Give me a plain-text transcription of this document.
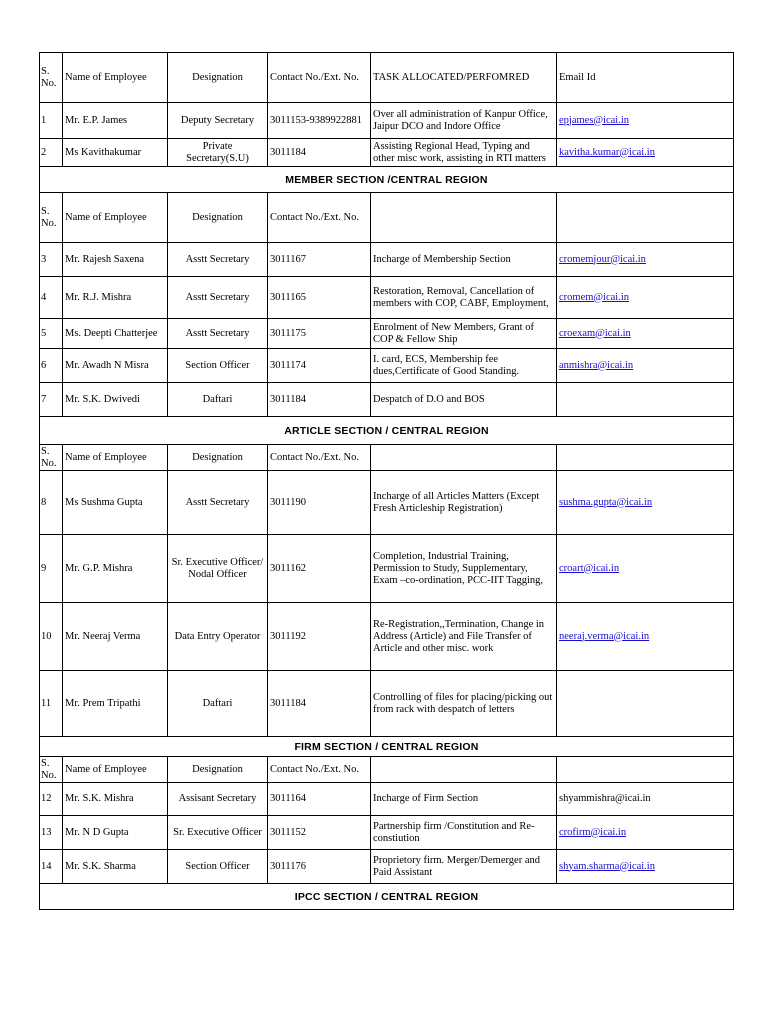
S. No.	Name of Employee	Designation	Contact No./Ext. No.	TASK ALLOCATED/PERFOMRED	Email Id
1	Mr. E.P. James	Deputy Secretary	3011153-9389922881	Over all administration of Kanpur Office, Jaipur DCO and Indore Office	epjames@icai.in
2	Ms Kavithakumar	Private Secretary(S.U)	3011184	Assisting Regional Head, Typing and other misc work, assisting in RTI matters	kavitha.kumar@icai.in
MEMBER SECTION /CENTRAL REGION					
S. No.	Name of Employee	Designation	Contact No./Ext. No.		
3	Mr. Rajesh Saxena	Asstt Secretary	3011167	Incharge of Membership Section	cromemjour@icai.in
4	Mr. R.J. Mishra	Asstt Secretary	3011165	Restoration, Removal, Cancellation of members with COP, CABF, Employment,	cromem@icai.in
5	Ms. Deepti Chatterjee	Asstt Secretary	3011175	Enrolment of New Members, Grant of COP & Fellow Ship	croexam@icai.in
6	Mr. Awadh N Misra	Section Officer	3011174	I. card, ECS, Membership fee dues,Certificate of Good Standing.	anmishra@icai.in
7	Mr. S.K. Dwivedi	Daftari	3011184	Despatch of D.O and BOS	
ARTICLE SECTION / CENTRAL REGION					
S. No.	Name of Employee	Designation	Contact No./Ext. No.		
8	Ms Sushma Gupta	Asstt Secretary	3011190	Incharge of all Articles Matters (Except Fresh Articleship Registration)	sushma.gupta@icai.in
9	Mr. G.P. Mishra	Sr. Executive Officer/ Nodal Officer	3011162	Completion, Industrial Training, Permission to Study, Supplementary, Exam –co-ordination, PCC-IIT Tagging,	croart@icai.in
10	Mr. Neeraj Verma	Data Entry Operator	3011192	Re-Registration,,Termination, Change in Address (Article) and File Transfer of Article and other misc. work	neeraj.verma@icai.in
11	Mr. Prem Tripathi	Daftari	3011184	Controlling of files for placing/picking out from rack with despatch of letters	
FIRM SECTION / CENTRAL REGION					
S. No.	Name of Employee	Designation	Contact No./Ext. No.		
12	Mr. S.K. Mishra	Assisant Secretary	3011164	Incharge of Firm Section	shyammishra@icai.in
13	Mr. N D Gupta	Sr. Executive Officer	3011152	Partnership firm /Constitution and Re-constiution	crofirm@icai.in
14	Mr. S.K. Sharma	Section Officer	3011176	Proprietory firm. Merger/Demerger and Paid Assistant	shyam.sharma@icai.in
IPCC SECTION / CENTRAL REGION					
